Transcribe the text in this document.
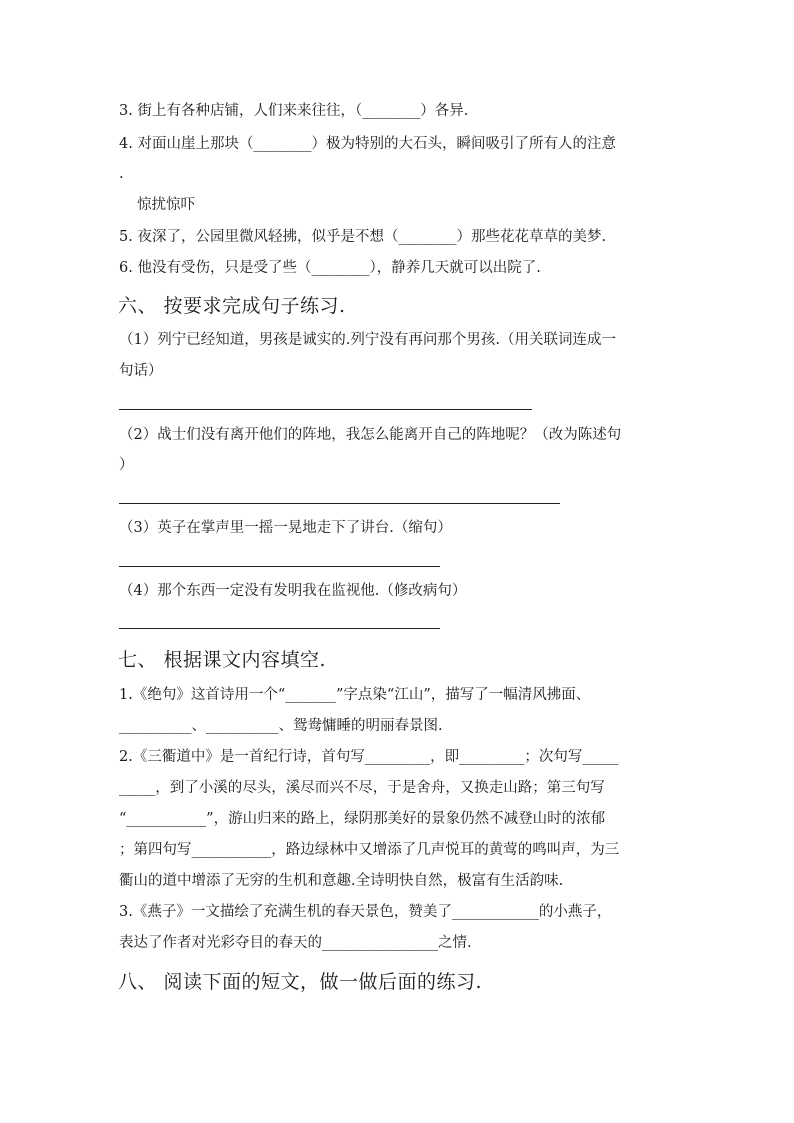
3. 街上有各种店铺，人们来来往往，（________）各异.
4. 对面山崖上那块（________）极为特别的大石头，瞬间吸引了所有人的注意
.
惊扰惊吓
5. 夜深了，公园里微风轻拂，似乎是不想（________）那些花花草草的美梦.
6. 他没有受伤，只是受了些（________），静养几天就可以出院了.
六、 按要求完成句子练习.
（1）列宁已经知道，男孩是诚实的.列宁没有再问那个男孩.（用关联词连成一
句话）
（2）战士们没有离开他们的阵地，我怎么能离开自己的阵地呢？（改为陈述句
）
（3）英子在掌声里一摇一晃地走下了讲台.（缩句）
（4）那个东西一定没有发明我在监视他.（修改病句）
七、 根据课文内容填空.
1.《绝句》这首诗用一个“_______”字点染“江山”，描写了一幅清风拂面、
__________、__________、鸳鸯慵睡的明丽春景图.
2.《三衢道中》是一首纪行诗，首句写_________，即_________；次句写_____
_____，到了小溪的尽头，溪尽而兴不尽，于是舍舟，又换走山路；第三句写
“___________”，游山归来的路上，绿阴那美好的景象仍然不减登山时的浓郁
；第四句写___________，路边绿林中又增添了几声悦耳的黄莺的鸣叫声，为三
衢山的道中增添了无穷的生机和意趣.全诗明快自然，极富有生活韵味.
3.《燕子》一文描绘了充满生机的春天景色，赞美了____________的小燕子，
表达了作者对光彩夺目的春天的________________之情.
八、 阅读下面的短文，做一做后面的练习.
